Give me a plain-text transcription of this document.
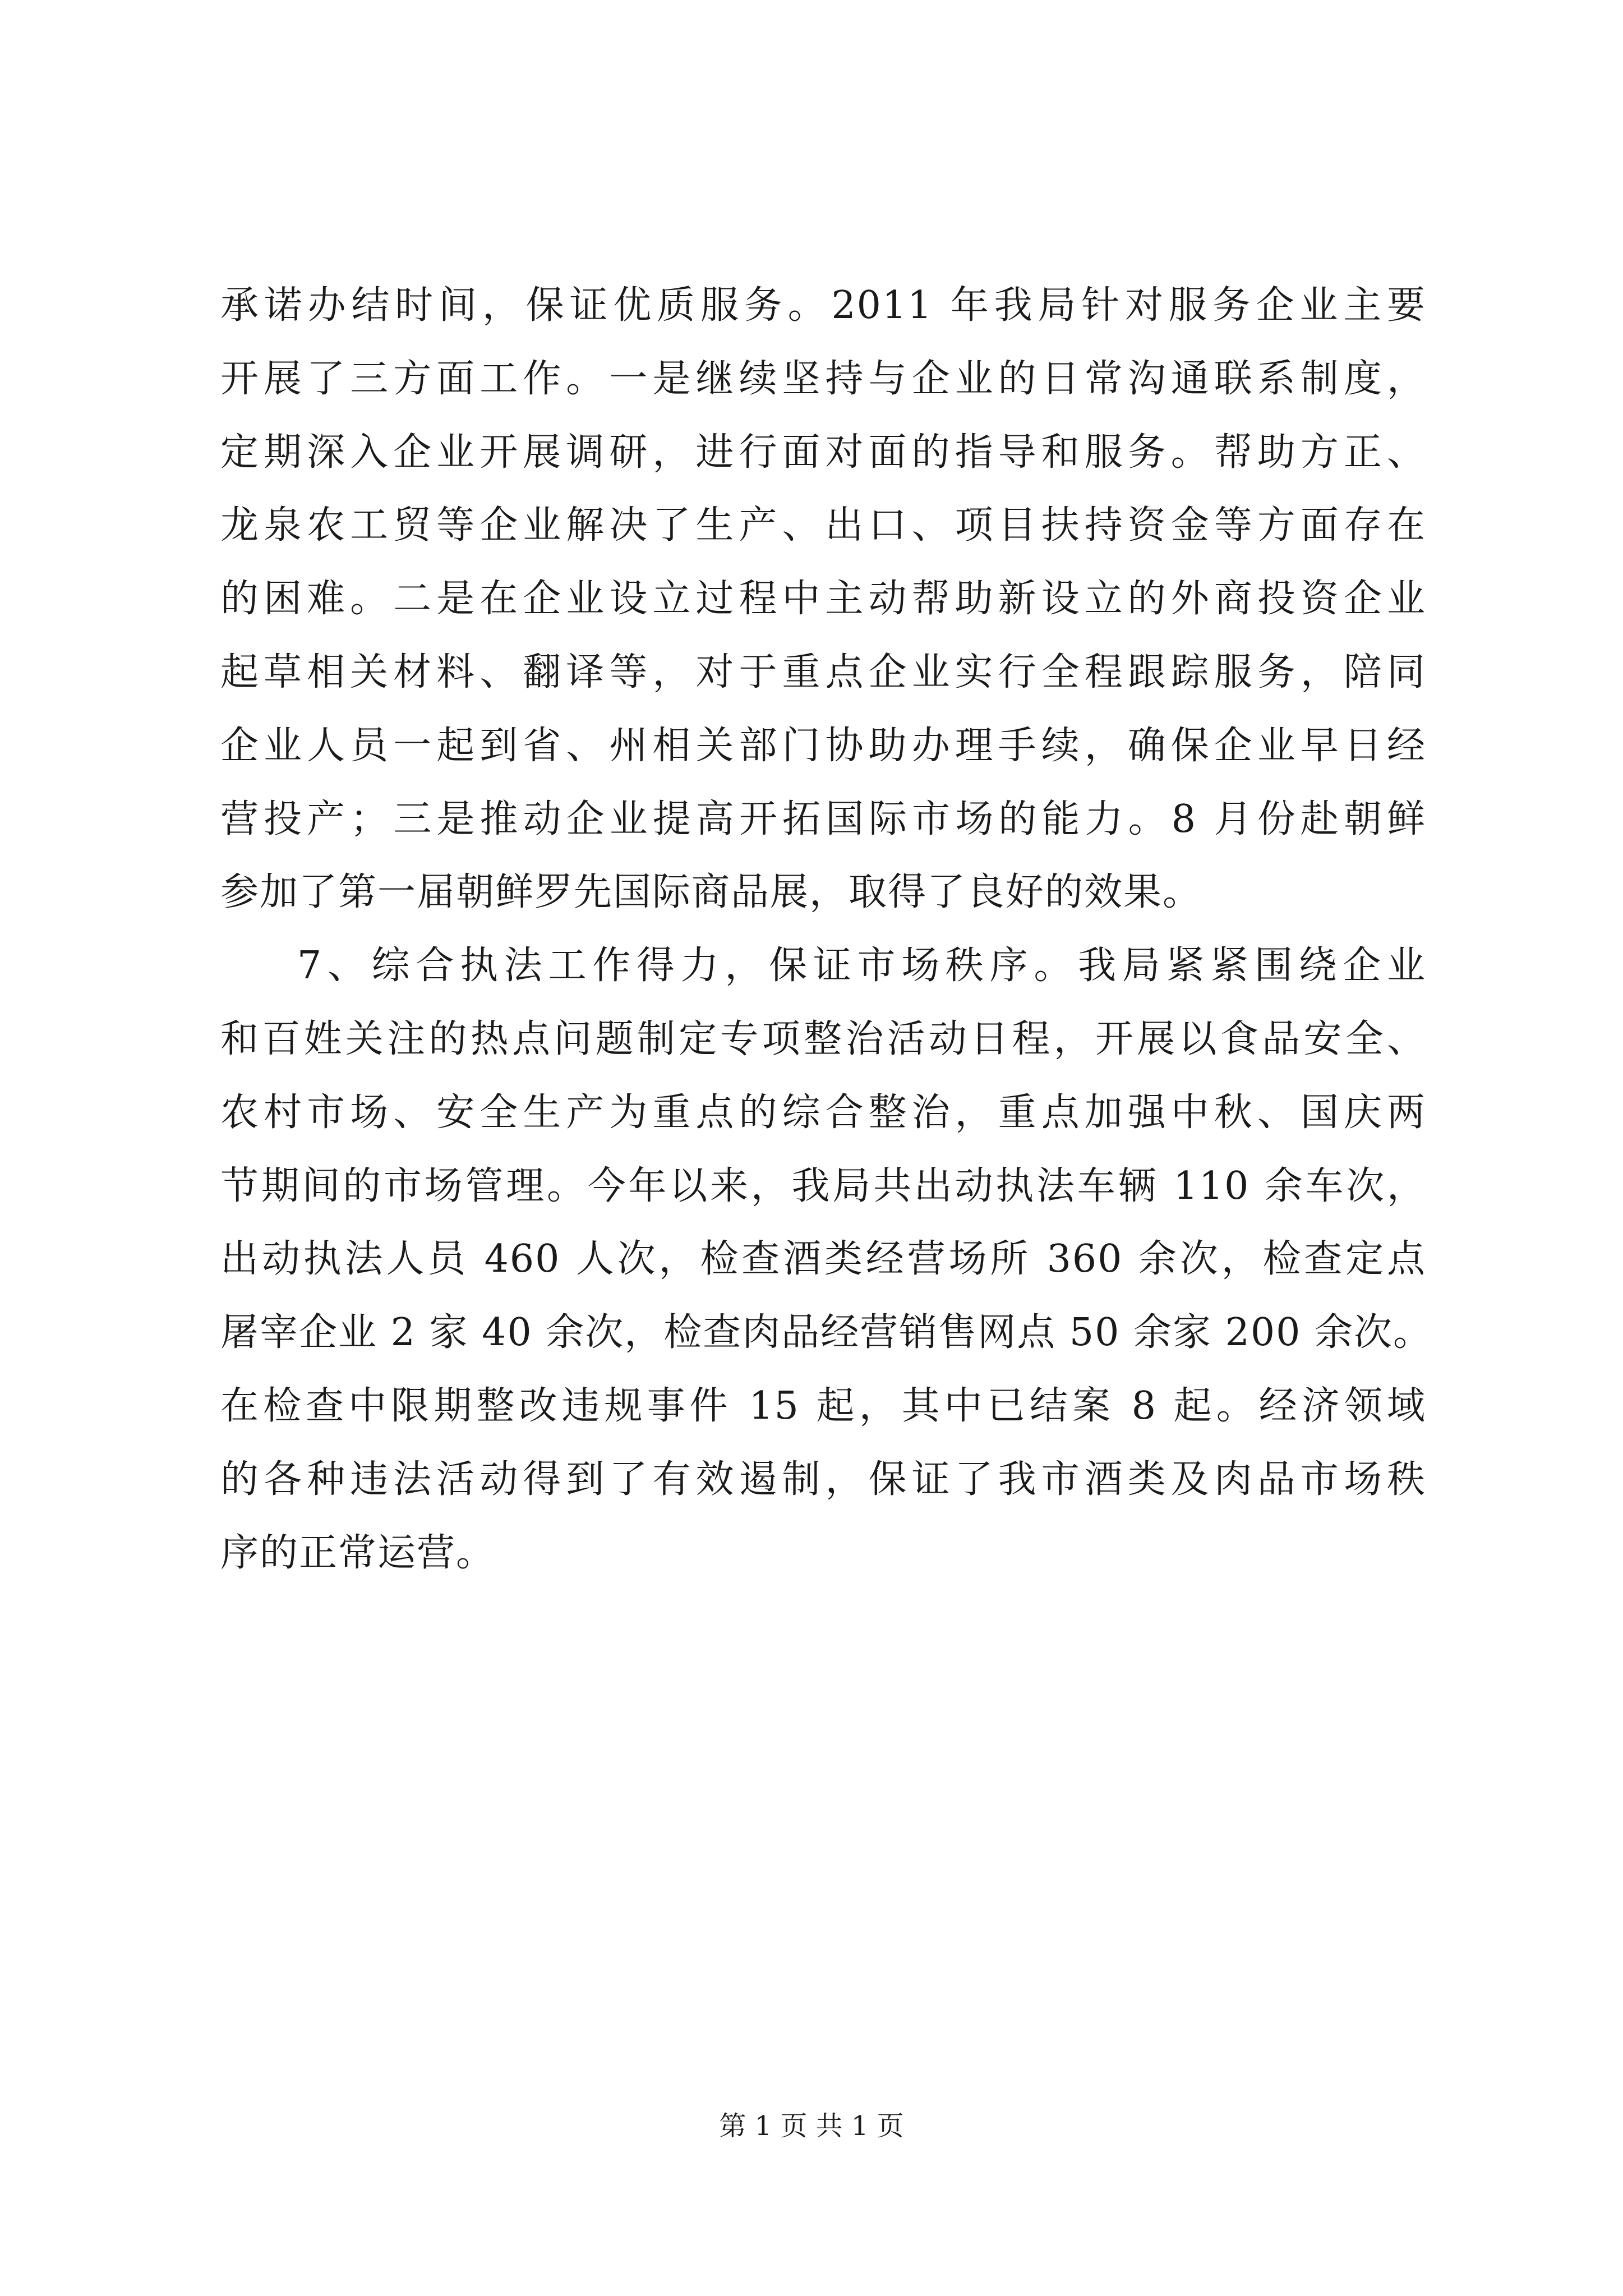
承诺办结时间，保证优质服务。2011 年我局针对服务企业主要
开展了三方面工作。一是继续坚持与企业的日常沟通联系制度，
定期深入企业开展调研，进行面对面的指导和服务。帮助方正、
龙泉农工贸等企业解决了生产、出口、项目扶持资金等方面存在
的困难。二是在企业设立过程中主动帮助新设立的外商投资企业
起草相关材料、翻译等，对于重点企业实行全程跟踪服务，陪同
企业人员一起到省、州相关部门协助办理手续，确保企业早日经
营投产；三是推动企业提高开拓国际市场的能力。8 月份赴朝鲜
参加了第一届朝鲜罗先国际商品展，取得了良好的效果。
7、综合执法工作得力，保证市场秩序。我局紧紧围绕企业
和百姓关注的热点问题制定专项整治活动日程，开展以食品安全、
农村市场、安全生产为重点的综合整治，重点加强中秋、国庆两
节期间的市场管理。今年以来，我局共出动执法车辆 110 余车次，
出动执法人员 460 人次，检查酒类经营场所 360 余次，检查定点
屠宰企业 2 家 40 余次，检查肉品经营销售网点 50 余家 200 余次。
在检查中限期整改违规事件 15 起，其中已结案 8 起。经济领域
的各种违法活动得到了有效遏制，保证了我市酒类及肉品市场秩
序的正常运营。
第 1 页 共 1 页
